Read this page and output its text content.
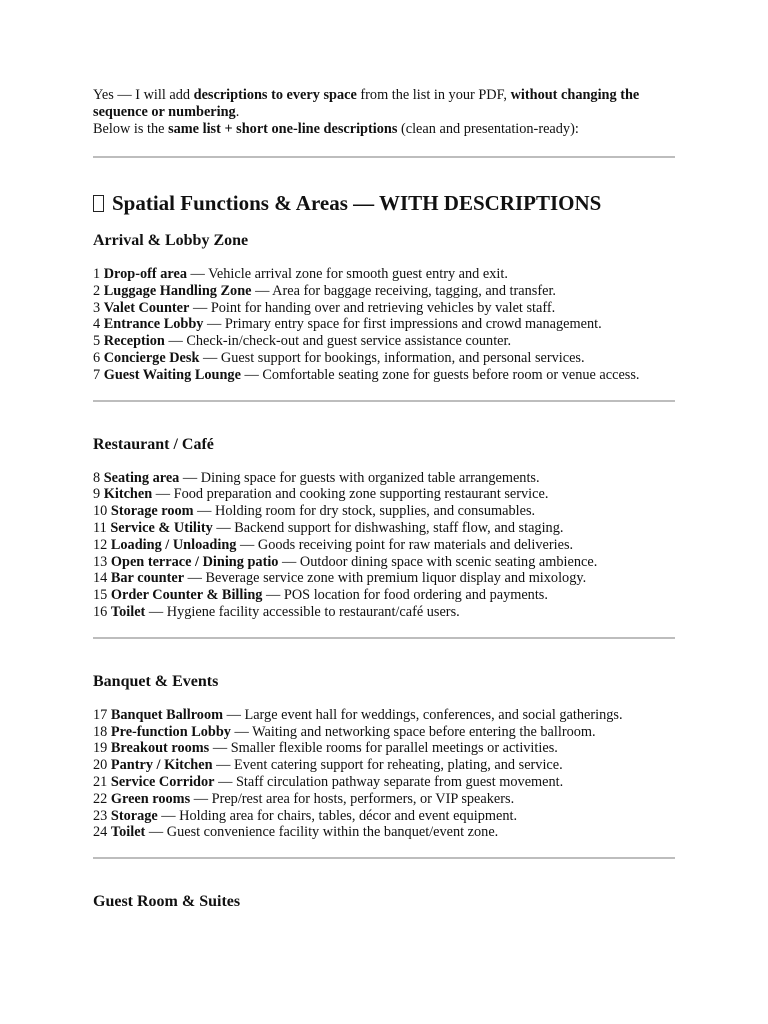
Yes — I will add descriptions to every space from the list in your PDF, without changing the sequence or numbering.

Below is the same list + short one-line descriptions (clean and presentation-ready):

Spatial Functions & Areas — WITH DESCRIPTIONS
Arrival & Lobby Zone

1 Drop-off area — Vehicle arrival zone for smooth guest entry and exit.

2 Luggage Handling Zone — Area for baggage receiving, tagging, and transfer.

3 Valet Counter — Point for handing over and retrieving vehicles by valet staff.

4 Entrance Lobby — Primary entry space for first impressions and crowd management.

5 Reception — Check-in/check-out and guest service assistance counter.

6 Concierge Desk — Guest support for bookings, information, and personal services.

7 Guest Waiting Lounge — Comfortable seating zone for guests before room or venue access.

Restaurant / Café

8 Seating area — Dining space for guests with organized table arrangements.

9 Kitchen — Food preparation and cooking zone supporting restaurant service.

10 Storage room — Holding room for dry stock, supplies, and consumables.

11 Service & Utility — Backend support for dishwashing, staff flow, and staging.

12 Loading / Unloading — Goods receiving point for raw materials and deliveries.

13 Open terrace / Dining patio — Outdoor dining space with scenic seating ambience.

14 Bar counter — Beverage service zone with premium liquor display and mixology.

15 Order Counter & Billing — POS location for food ordering and payments.

16 Toilet — Hygiene facility accessible to restaurant/café users.

Banquet & Events

17 Banquet Ballroom — Large event hall for weddings, conferences, and social gatherings.

18 Pre-function Lobby — Waiting and networking space before entering the ballroom.

19 Breakout rooms — Smaller flexible rooms for parallel meetings or activities.

20 Pantry / Kitchen — Event catering support for reheating, plating, and service.

21 Service Corridor — Staff circulation pathway separate from guest movement.

22 Green rooms — Prep/rest area for hosts, performers, or VIP speakers.

23 Storage — Holding area for chairs, tables, décor and event equipment.

24 Toilet — Guest convenience facility within the banquet/event zone.

Guest Room & Suites
